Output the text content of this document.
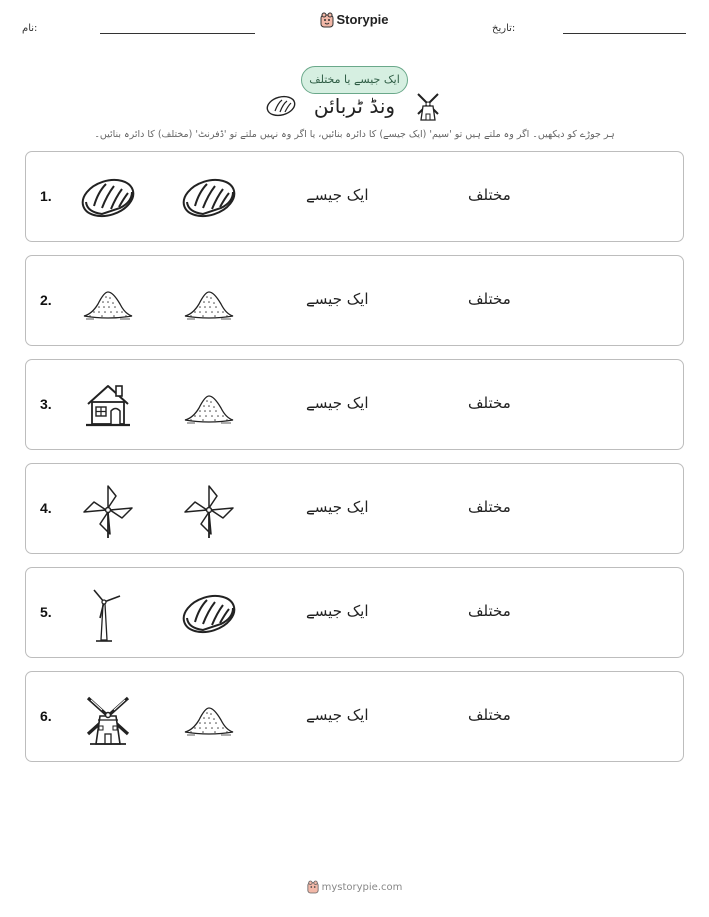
نام:
Storypie
تاریخ:
ایک جیسے یا مختلف
ونڈ ٹربائن
ہر جوڑے کو دیکھیں۔ اگر وہ ملتے ہیں تو 'سیم' (ایک جیسے) کا دائرہ بنائیں، یا اگر وہ نہیں ملتے تو 'ڈفرنٹ' (مختلف) کا دائرہ بنائیں۔
1.	ایک جیسے	مختلف
2.	ایک جیسے	مختلف
3.	ایک جیسے	مختلف
4.	ایک جیسے	مختلف
5.	ایک جیسے	مختلف
6.	ایک جیسے	مختلف
mystorypie.com
